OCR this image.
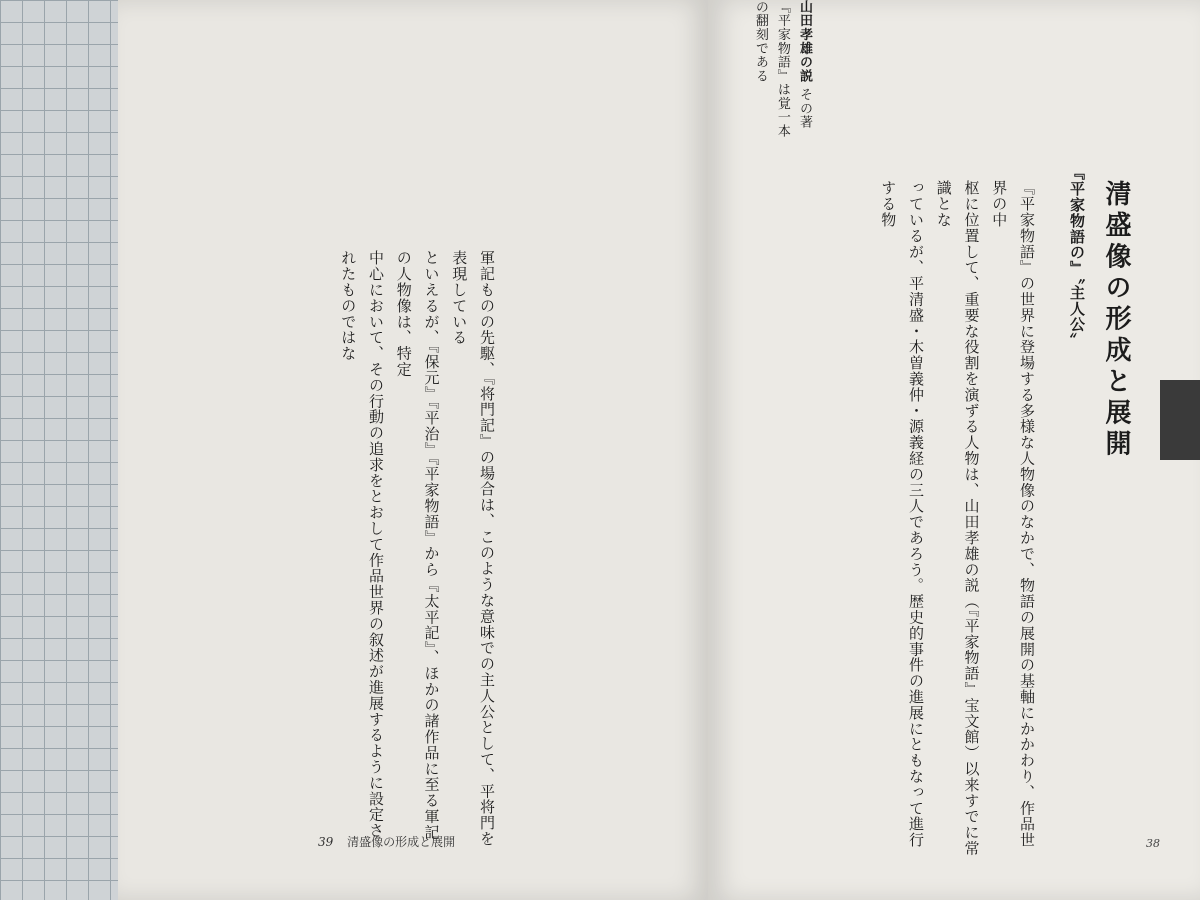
軍記ものの先駆、『将門記』の場合は、このような意味での主人公として、平将門を表現している
といえるが、『保元』『平治』『平家物語』から『太平記』、ほかの諸作品に至る軍記の人物像は、特定
中心において、その行動の追求をとおして作品世界の叙述が進展するように設定されたものではな
39 清盛像の形成と展開
清盛像の形成と展開
『平家物語の』〝主人公〟
『平家物語』の世界に登場する多様な人物像のなかで、物語の展開の基軸にかかわり、作品世界の中
枢に位置して、重要な役割を演ずる人物は、山田孝雄の説（『平家物語』宝文館）以来すでに常識とな
っているが、平清盛・木曽義仲・源義経の三人であろう。歴史的事件の進展にともなって進行する物
山田孝雄の説 その著『平家物語』は覚一本の翻刻である
38
